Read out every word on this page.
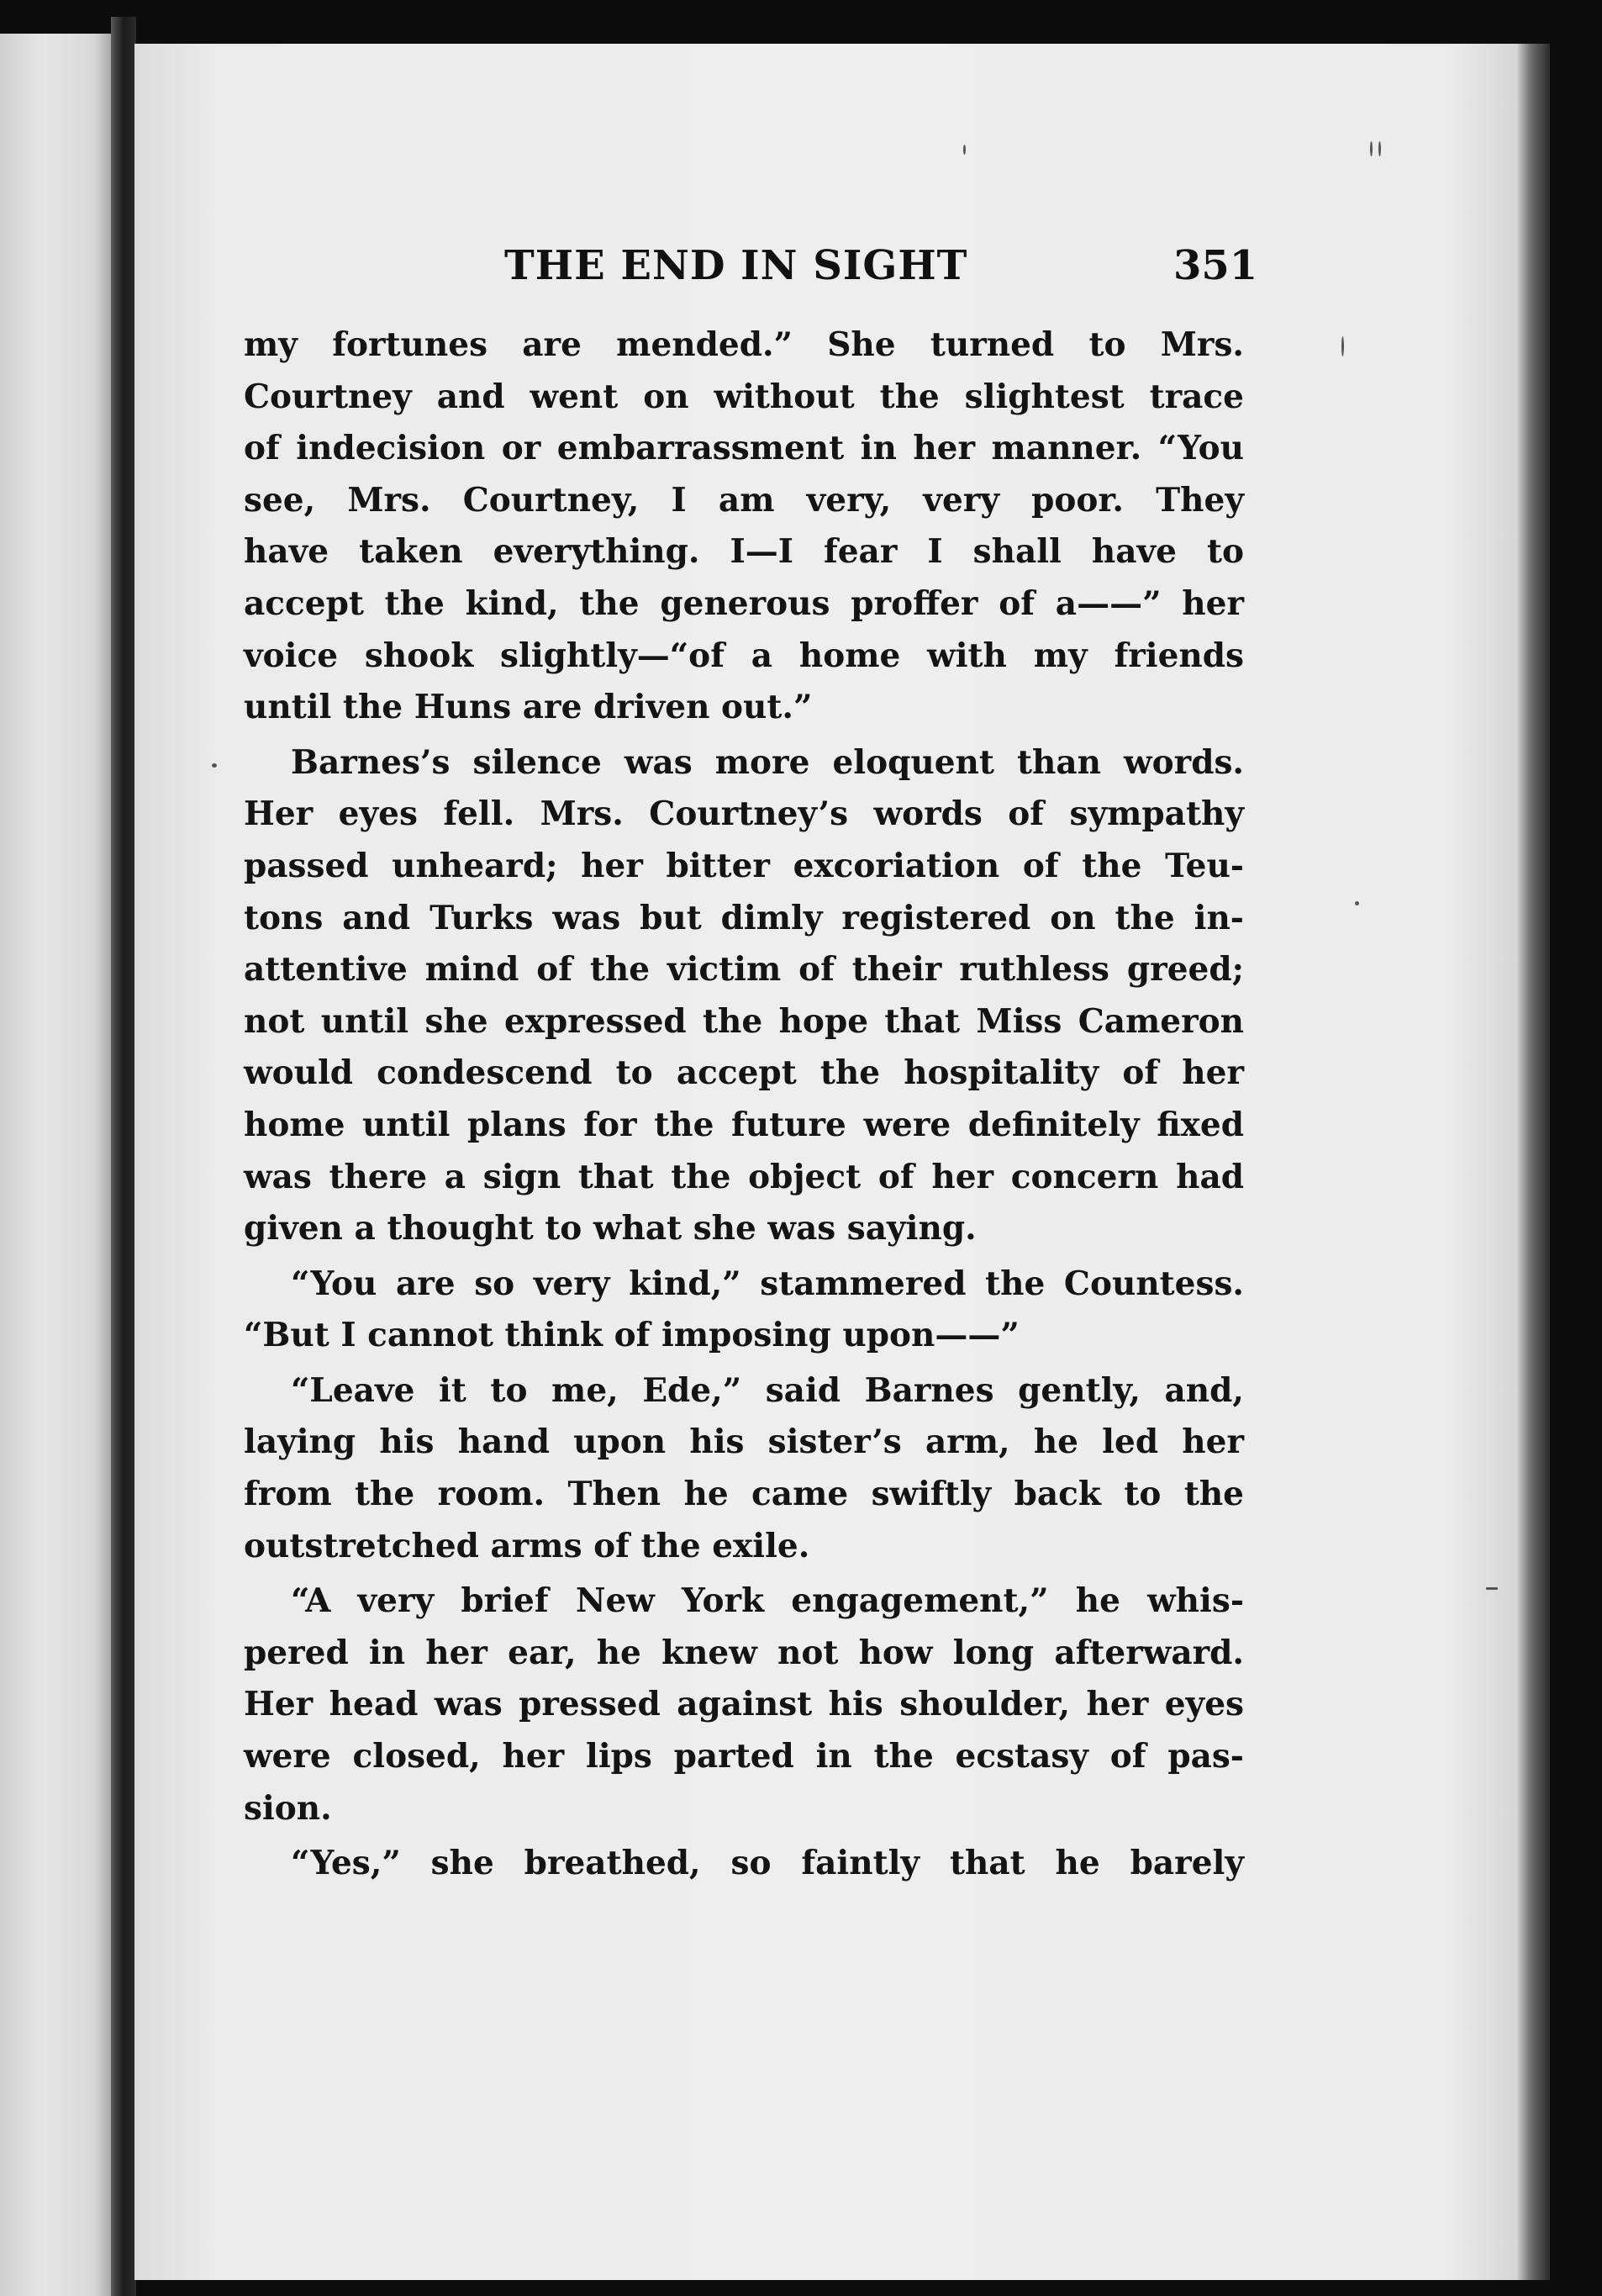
THE END IN SIGHT	351

my fortunes are mended.” She turned to Mrs.
Courtney and went on without the slightest trace
of indecision or embarrassment in her manner. “You
see, Mrs. Courtney, I am very, very poor. They
have taken everything. I—I fear I shall have to
accept the kind, the generous proffer of a——” her
voice shook slightly—“of a home with my friends
until the Huns are driven out.”

Barnes’s silence was more eloquent than words.
Her eyes fell. Mrs. Courtney’s words of sympathy
passed unheard; her bitter excoriation of the Teu-
tons and Turks was but dimly registered on the in-
attentive mind of the victim of their ruthless greed;
not until she expressed the hope that Miss Cameron
would condescend to accept the hospitality of her
home until plans for the future were definitely fixed
was there a sign that the object of her concern had
given a thought to what she was saying.

“You are so very kind,” stammered the Countess.
“But I cannot think of imposing upon——”

“Leave it to me, Ede,” said Barnes gently, and,
laying his hand upon his sister’s arm, he led her
from the room. Then he came swiftly back to the
outstretched arms of the exile.

“A very brief New York engagement,” he whis-
pered in her ear, he knew not how long afterward.
Her head was pressed against his shoulder, her eyes
were closed, her lips parted in the ecstasy of pas-
sion.

“Yes,” she breathed, so faintly that he barely
